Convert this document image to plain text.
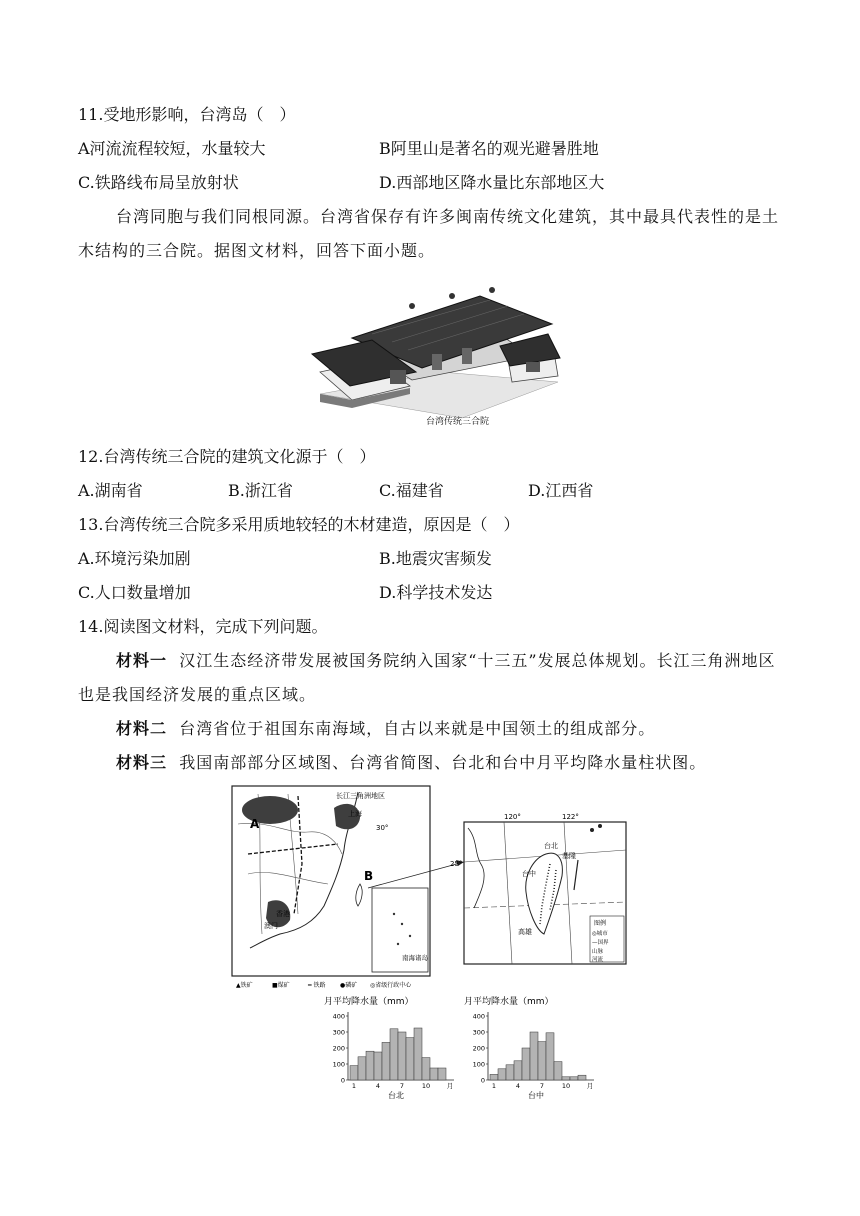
11.受地形影响，台湾岛（　）
A河流流程较短，水量较大	B阿里山是著名的观光避暑胜地
C.铁路线布局呈放射状	D.西部地区降水量比东部地区大
台湾同胞与我们同根同源。台湾省保存有许多闽南传统文化建筑，其中最具代表性的是土木结构的三合院。据图文材料，回答下面小题。
台湾传统三合院
12.台湾传统三合院的建筑文化源于（　）
A.湖南省	B.浙江省	C.福建省	D.江西省
13.台湾传统三合院多采用质地较轻的木材建造，原因是（　）
A.环境污染加剧	B.地震灾害频发
C.人口数量增加	D.科学技术发达
14.阅读图文材料，完成下列问题。
材料一 汉江生态经济带发展被国务院纳入国家“十三五”发展总体规划。长江三角洲地区也是我国经济发展的重点区域。
材料二 台湾省位于祖国东南海域，自古以来就是中国领土的组成部分。
材料三 我国南部部分区域图、台湾省简图、台北和台中月平均降水量柱状图。
南海诸岛
长江三角洲地区
上海
30°
A
B
香港
澳门
▲铁矿	■煤矿	━ 铁路 ●磷矿 ◎省级行政中心
120°	122°
25°
台北
基隆
台中
高雄
图例
◎城市
—国界
山脉
河流
月平均降水量（mm）
0
100
200
300
400
1	4	7	10	月
台北
月平均降水量（mm）
0
100
200
300
400
1	4	7	10	月
台中
